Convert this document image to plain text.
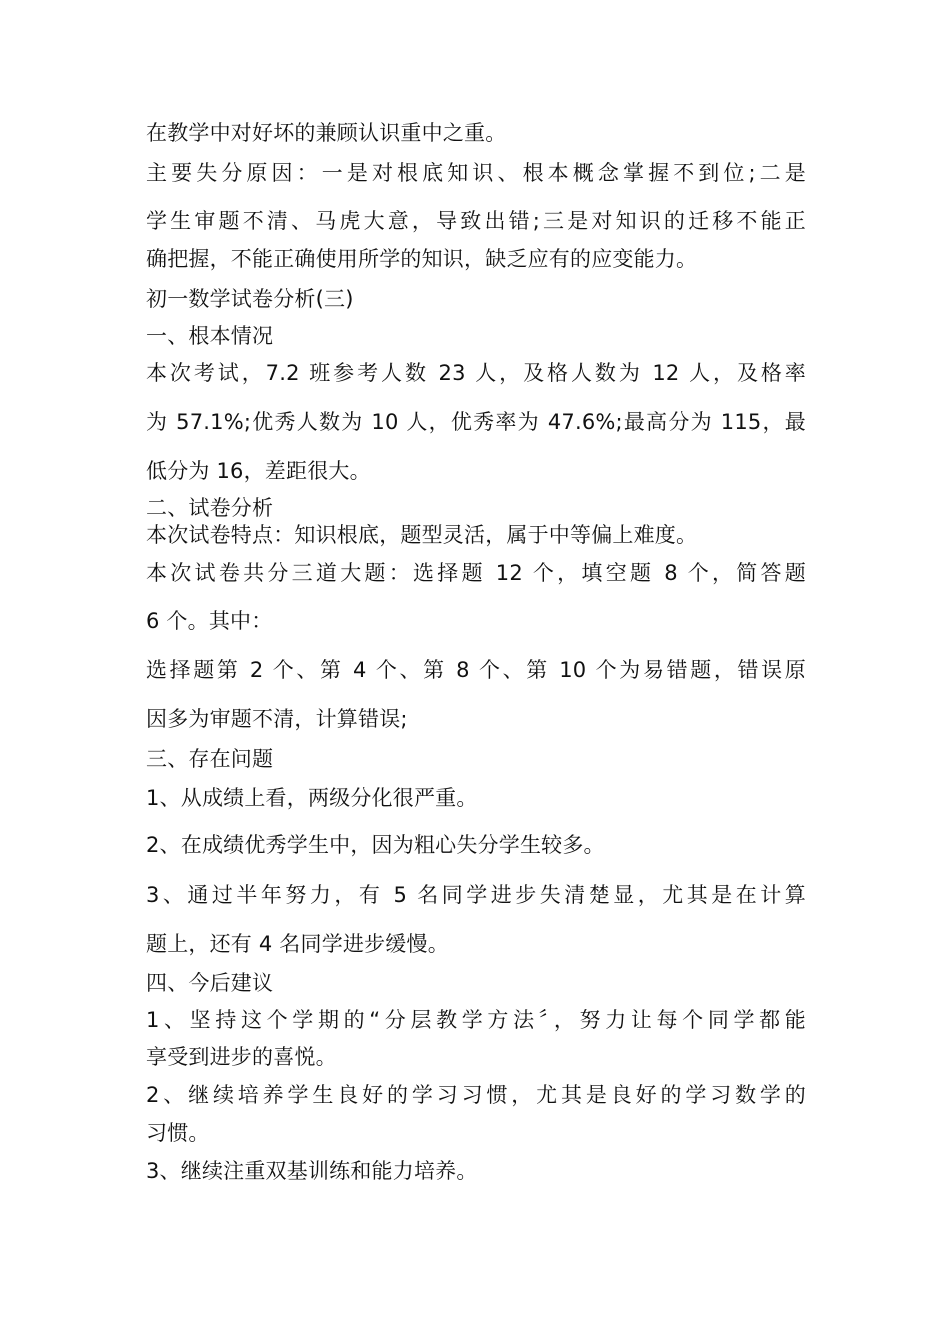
在教学中对好坏的兼顾认识重中之重。
主要失分原因：一是对根底知识、根本概念掌握不到位;二是
学生审题不清、马虎大意，导致出错;三是对知识的迁移不能正
确把握，不能正确使用所学的知识，缺乏应有的应变能力。
初一数学试卷分析(三)
一、根本情况
本次考试，7.2 班参考人数 23 人，及格人数为 12 人，及格率
为 57.1%;优秀人数为 10 人，优秀率为 47.6%;最高分为 115，最
低分为 16，差距很大。
二、试卷分析
本次试卷特点：知识根底，题型灵活，属于中等偏上难度。
本次试卷共分三道大题：选择题 12 个，填空题 8 个，简答题
6 个。其中：
选择题第 2 个、第 4 个、第 8 个、第 10 个为易错题，错误原
因多为审题不清，计算错误;
三、存在问题
1、从成绩上看，两级分化很严重。
2、在成绩优秀学生中，因为粗心失分学生较多。
3、通过半年努力，有 5 名同学进步失清楚显，尤其是在计算
题上，还有 4 名同学进步缓慢。
四、今后建议
1、坚持这个学期的“分层教学方法〞，努力让每个同学都能
享受到进步的喜悦。
2、继续培养学生良好的学习习惯，尤其是良好的学习数学的
习惯。
3、继续注重双基训练和能力培养。
